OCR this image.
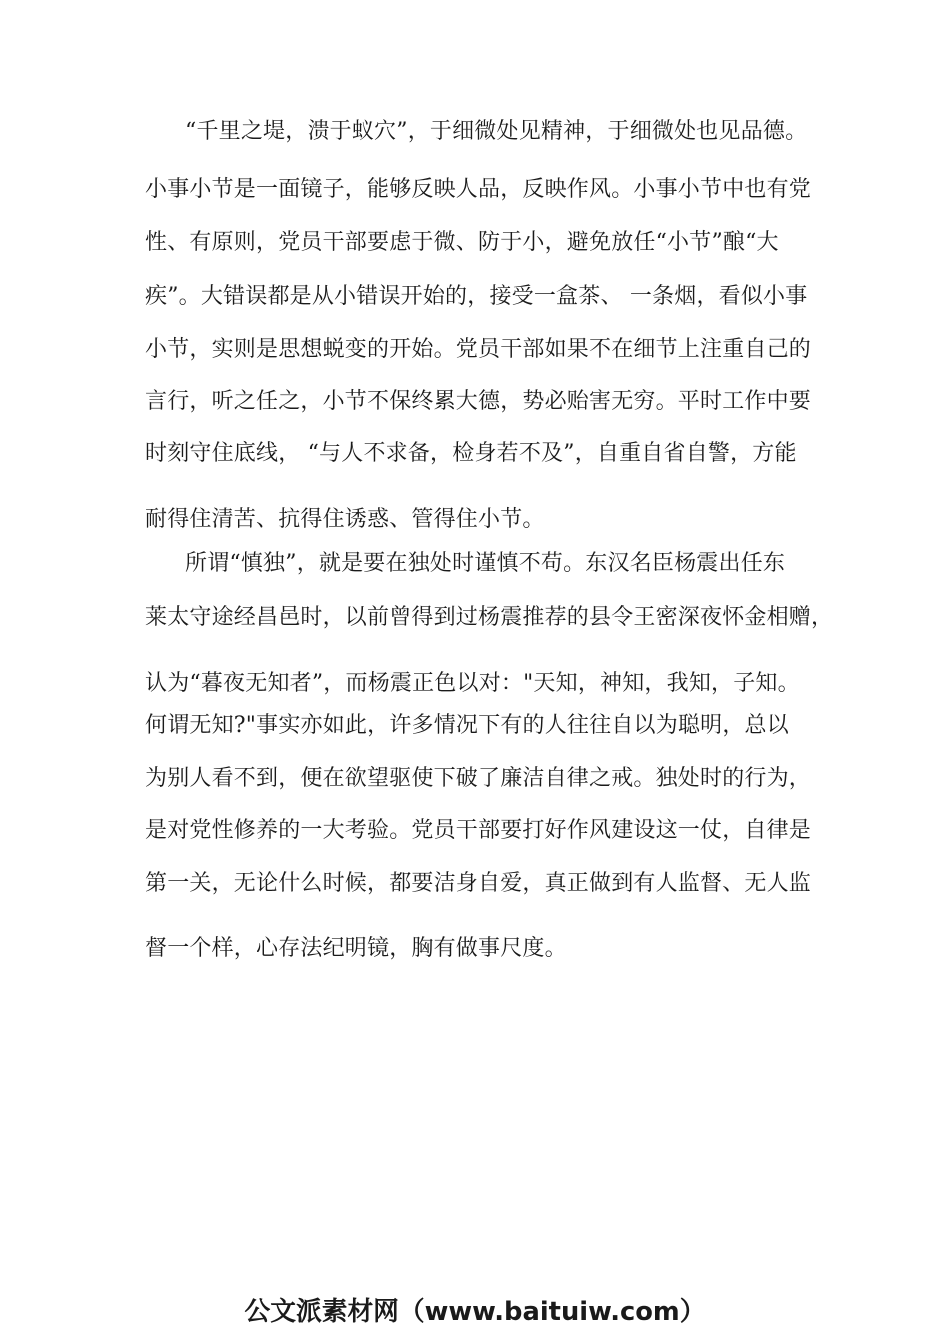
“千里之堤，溃于蚁穴”，于细微处见精神，于细微处也见品德。
小事小节是一面镜子，能够反映人品，反映作风。小事小节中也有党
性、有原则，党员干部要虑于微、防于小，避免放任“小节”酿“大
疾”。大错误都是从小错误开始的，接受一盒茶、 一条烟，看似小事
小节，实则是思想蜕变的开始。党员干部如果不在细节上注重自己的
言行，听之任之，小节不保终累大德，势必贻害无穷。平时工作中要
时刻守住底线， “与人不求备，检身若不及”，自重自省自警，方能
耐得住清苦、抗得住诱惑、管得住小节。
所谓“慎独”，就是要在独处时谨慎不苟。东汉名臣杨震出任东
莱太守途经昌邑时，以前曾得到过杨震推荐的县令王密深夜怀金相赠，
认为“暮夜无知者”，而杨震正色以对："天知，神知，我知，子知。
何谓无知?"事实亦如此，许多情况下有的人往往自以为聪明，总以
为别人看不到，便在欲望驱使下破了廉洁自律之戒。独处时的行为，
是对党性修养的一大考验。党员干部要打好作风建设这一仗，自律是
第一关，无论什么时候，都要洁身自爱，真正做到有人监督、无人监
督一个样，心存法纪明镜，胸有做事尺度。
公文派素材网（www.baituiw.com）
